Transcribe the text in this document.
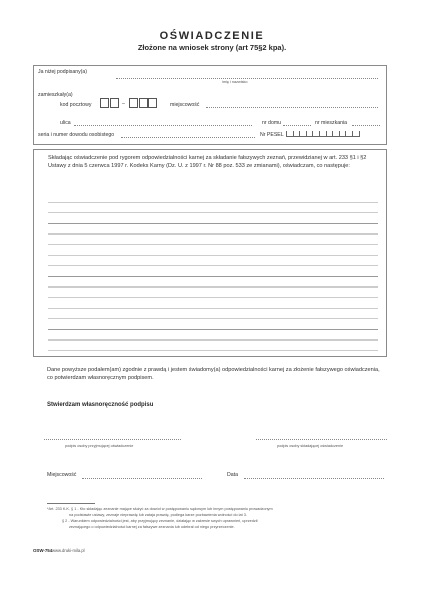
OŚWIADCZENIE
Złożone na wniosek strony (art 75§2 kpa).
Ja niżej podpisany(a)
imię i nazwisko
zamieszkały(a)
kod pocztowy	–	miejscowość
ulica	nr domu	nr mieszkania
seria i numer dowodu osobistego	Nr PESEL
Składając oświadczenie pod rygorem odpowiedzialności karnej za składanie fałszywych zeznań, przewidzianej w art. 233 §1 i §2 Ustawy z dnia 5 czerwca 1997 r. Kodeks Karny (Dz. U. z 1997 r. Nr 88 poz. 533 ze zmianami), oświadczam, co następuje:
Dane powyższe podałem(am) zgodnie z prawdą i jestem świadomy(a) odpowiedzialności karnej za złożenie fałszywego oświadczenia, co potwierdzam własnoręcznym podpisem.
Stwierdzam własnoręczność podpisu
podpis osoby przyjmującej oświadczenie	podpis osoby składającej oświadczenie
Miejscowość	Data
*Art. 233 K.K. § 1 - Kto składając zeznanie mające służyć za dowód w postępowaniu sądowym lub innym postępowaniu prowadzonym
na podstawie ustawy, zeznaje nieprawdę lub zataja prawdę, podlega karze pozbawienia wolności do lat 3.
§ 2 - Warunkiem odpowiedzialności jest, aby przyjmujący zeznanie, działając w zakresie swych uprawnień, uprzedził
zeznającego o odpowiedzialności karnej za fałszywe zeznania lub odebrał od niego przyrzeczenie.
OSW-754 www.druki-mila.pl
